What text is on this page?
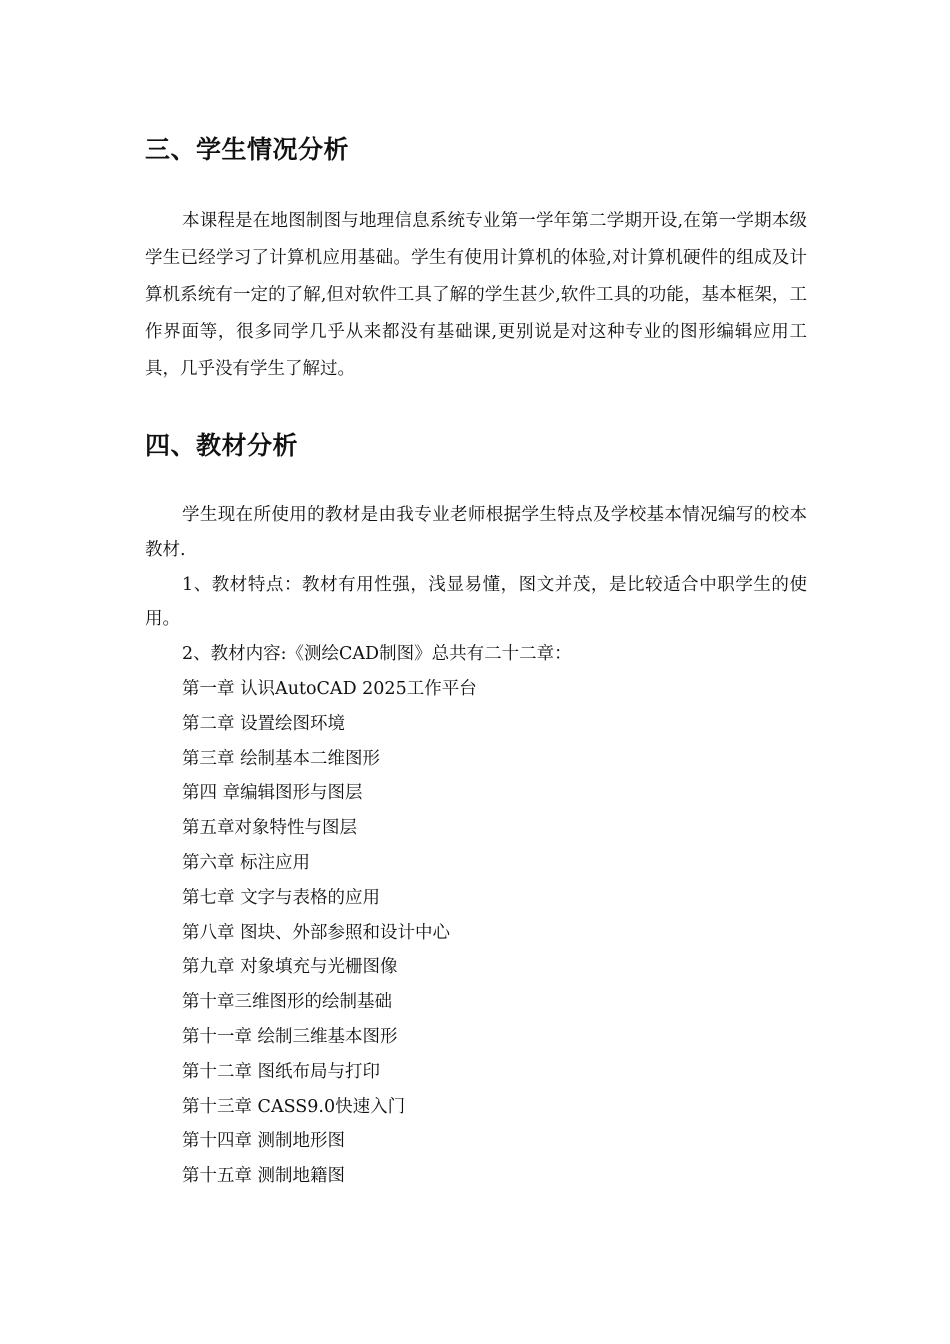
三、学生情况分析

本课程是在地图制图与地理信息系统专业第一学年第二学期开设,在第一学期本级学生已经学习了计算机应用基础。学生有使用计算机的体验,对计算机硬件的组成及计算机系统有一定的了解,但对软件工具了解的学生甚少,软件工具的功能，基本框架，工作界面等，很多同学几乎从来都没有基础课,更别说是对这种专业的图形编辑应用工具，几乎没有学生了解过。

四、教材分析

学生现在所使用的教材是由我专业老师根据学生特点及学校基本情况编写的校本教材.

1、教材特点：教材有用性强，浅显易懂，图文并茂，是比较适合中职学生的使用。

2、教材内容:《测绘CAD制图》总共有二十二章：

第一章 认识AutoCAD 2025工作平台
第二章 设置绘图环境
第三章 绘制基本二维图形
第四 章编辑图形与图层
第五章对象特性与图层
第六章 标注应用
第七章 文字与表格的应用
第八章 图块、外部参照和设计中心
第九章 对象填充与光栅图像
第十章三维图形的绘制基础
第十一章 绘制三维基本图形
第十二章 图纸布局与打印
第十三章 CASS9.0快速入门
第十四章 测制地形图
第十五章 测制地籍图
